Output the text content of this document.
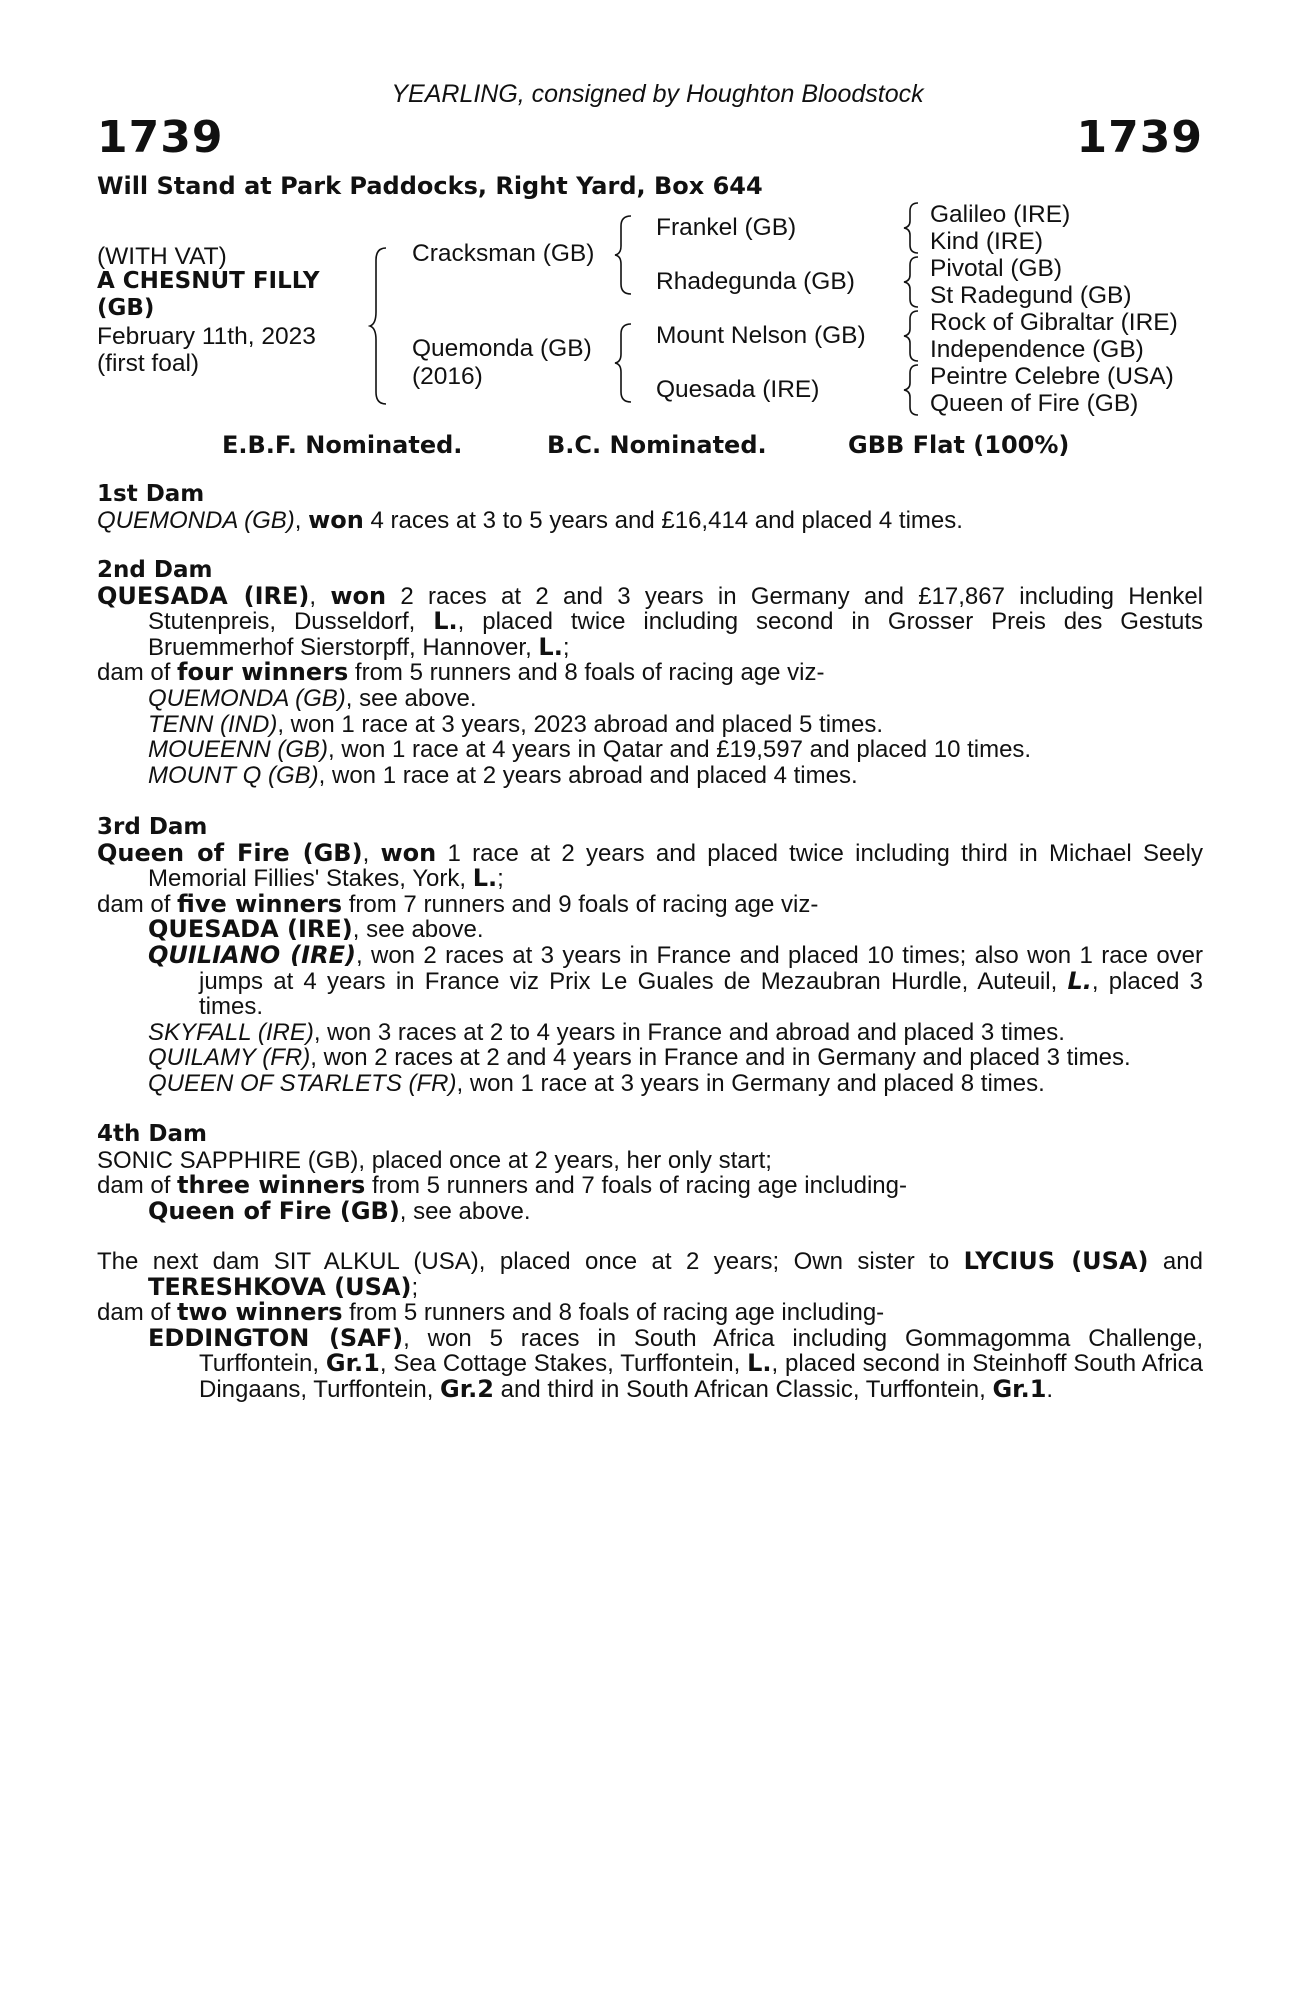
YEARLING, consigned by Houghton Bloodstock
1739	1739
Will Stand at Park Paddocks, Right Yard, Box 644
(WITH VAT)
A CHESNUT FILLY
(GB)
February 11th, 2023
(first foal)
Cracksman (GB)
Quemonda (GB)
(2016)
Frankel (GB)
Rhadegunda (GB)
Mount Nelson (GB)
Quesada (IRE)
Galileo (IRE)
Kind (IRE)
Pivotal (GB)
St Radegund (GB)
Rock of Gibraltar (IRE)
Independence (GB)
Peintre Celebre (USA)
Queen of Fire (GB)
E.B.F. Nominated.	B.C. Nominated.	GBB Flat (100%)

1st Dam

QUEMONDA (GB), won 4 races at 3 to 5 years and £16,414 and placed 4 times.

2nd Dam

QUESADA (IRE), won 2 races at 2 and 3 years in Germany and £17,867 including Henkel Stutenpreis, Dusseldorf, L., placed twice including second in Grosser Preis des Gestuts Bruemmerhof Sierstorpff, Hannover, L.;

dam of four winners from 5 runners and 8 foals of racing age viz-

QUEMONDA (GB), see above.

TENN (IND), won 1 race at 3 years, 2023 abroad and placed 5 times.

MOUEENN (GB), won 1 race at 4 years in Qatar and £19,597 and placed 10 times.

MOUNT Q (GB), won 1 race at 2 years abroad and placed 4 times.

3rd Dam

Queen of Fire (GB), won 1 race at 2 years and placed twice including third in Michael Seely Memorial Fillies' Stakes, York, L.;

dam of five winners from 7 runners and 9 foals of racing age viz-

QUESADA (IRE), see above.

QUILIANO (IRE), won 2 races at 3 years in France and placed 10 times; also won 1 race over jumps at 4 years in France viz Prix Le Guales de Mezaubran Hurdle, Auteuil, L., placed 3 times.

SKYFALL (IRE), won 3 races at 2 to 4 years in France and abroad and placed 3 times.

QUILAMY (FR), won 2 races at 2 and 4 years in France and in Germany and placed 3 times.

QUEEN OF STARLETS (FR), won 1 race at 3 years in Germany and placed 8 times.

4th Dam

SONIC SAPPHIRE (GB), placed once at 2 years, her only start;

dam of three winners from 5 runners and 7 foals of racing age including-

Queen of Fire (GB), see above.

The next dam SIT ALKUL (USA), placed once at 2 years; Own sister to LYCIUS (USA) and TERESHKOVA (USA);

dam of two winners from 5 runners and 8 foals of racing age including-

EDDINGTON (SAF), won 5 races in South Africa including Gommagomma Challenge, Turffontein, Gr.1, Sea Cottage Stakes, Turffontein, L., placed second in Steinhoff South Africa Dingaans, Turffontein, Gr.2 and third in South African Classic, Turffontein, Gr.1.
